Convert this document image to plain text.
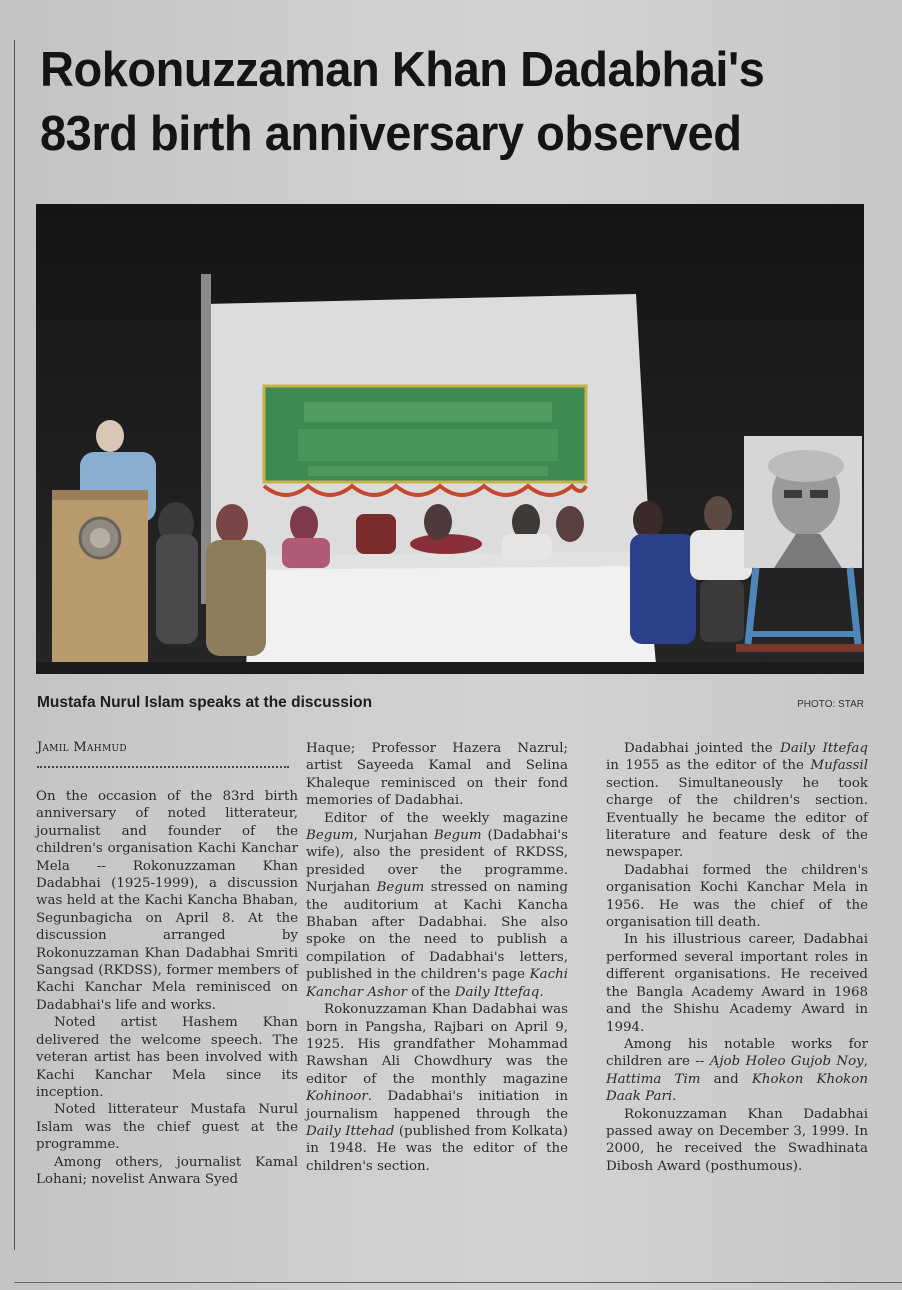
Rokonuzzaman Khan Dadabhai's
83rd birth anniversary observed
Mustafa Nurul Islam speaks at the discussion	PHOTO: STAR
Jamil Mahmud

On the occasion of the 83rd birth anniversary of noted litterateur, journalist and founder of the children's organisation Kachi Kanchar Mela -- Rokonuzzaman Khan Dadabhai (1925-1999), a discussion was held at the Kachi Kancha Bhaban, Segunbagicha on April 8. At the discussion arranged by Rokonuzzaman Khan Dadabhai Smriti Sangsad (RKDSS), former members of Kachi Kanchar Mela reminisced on Dadabhai's life and works.

Noted artist Hashem Khan delivered the welcome speech. The veteran artist has been involved with Kachi Kanchar Mela since its inception.

Noted litterateur Mustafa Nurul Islam was the chief guest at the programme.

Among others, journalist Kamal Lohani; novelist Anwara Syed

Haque; Professor Hazera Nazrul; artist Sayeeda Kamal and Selina Khaleque reminisced on their fond memories of Dadabhai.

Editor of the weekly magazine Begum, Nurjahan Begum (Dadabhai's wife), also the president of RKDSS, presided over the programme. Nurjahan Begum stressed on naming the auditorium at Kachi Kancha Bhaban after Dadabhai. She also spoke on the need to publish a compilation of Dadabhai's letters, published in the children's page Kachi Kanchar Ashor of the Daily Ittefaq.

Rokonuzzaman Khan Dadabhai was born in Pangsha, Rajbari on April 9, 1925. His grandfather Mohammad Rawshan Ali Chowdhury was the editor of the monthly magazine Kohinoor. Dadabhai's initiation in journalism happened through the Daily Ittehad (published from Kolkata) in 1948. He was the editor of the children's section.

Dadabhai jointed the Daily Ittefaq in 1955 as the editor of the Mufassil section. Simultaneously he took charge of the children's section. Eventually he became the editor of literature and feature desk of the newspaper.

Dadabhai formed the children's organisation Kochi Kanchar Mela in 1956. He was the chief of the organisation till death.

In his illustrious career, Dadabhai performed several important roles in different organisations. He received the Bangla Academy Award in 1968 and the Shishu Academy Award in 1994.

Among his notable works for children are -- Ajob Holeo Gujob Noy, Hattima Tim and Khokon Khokon Daak Pari.

Rokonuzzaman Khan Dadabhai passed away on December 3, 1999. In 2000, he received the Swadhinata Dibosh Award (posthumous).
